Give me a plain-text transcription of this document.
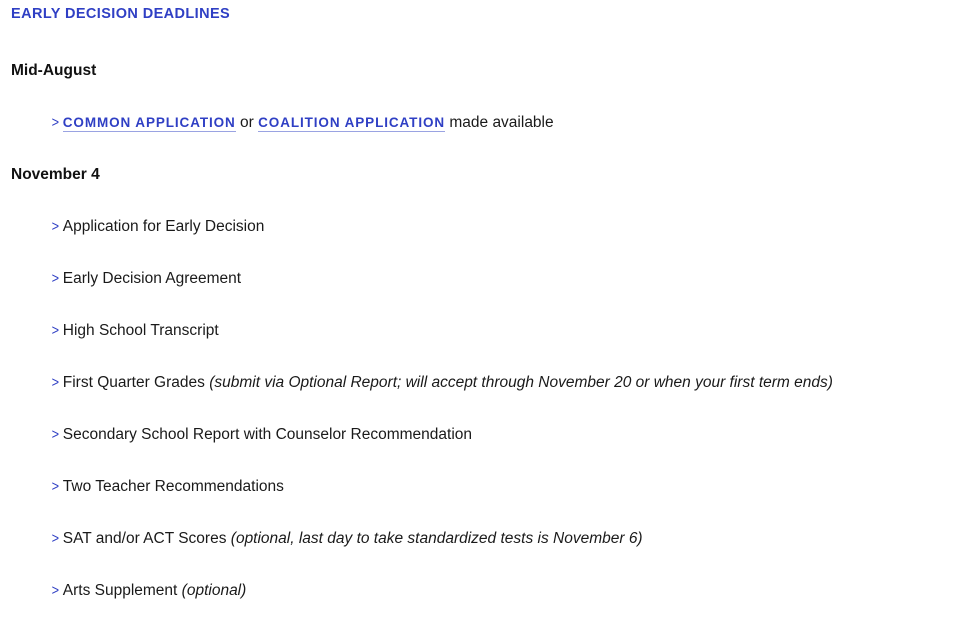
EARLY DECISION DEADLINES
Mid-August
> COMMON APPLICATION or COALITION APPLICATION made available
November 4
> Application for Early Decision
> Early Decision Agreement
> High School Transcript
> First Quarter Grades (submit via Optional Report; will accept through November 20 or when your first term ends)
> Secondary School Report with Counselor Recommendation
> Two Teacher Recommendations
> SAT and/or ACT Scores (optional, last day to take standardized tests is November 6)
> Arts Supplement (optional)
